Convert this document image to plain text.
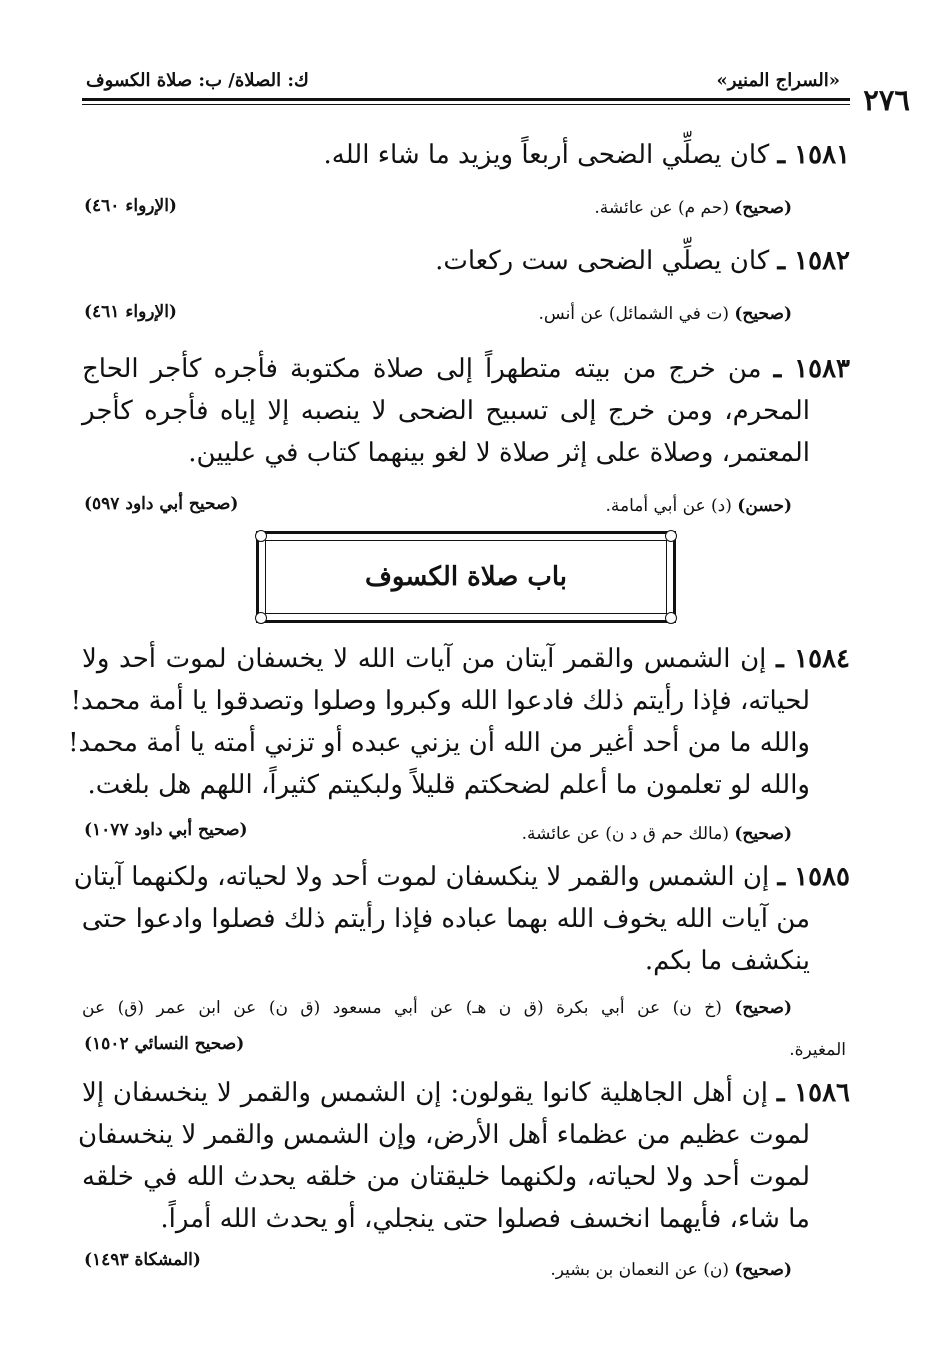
٢٧٦
«السراج المنير»
ك: الصلاة/ ب: صلاة الكسوف
١٥٨١ ـ كان يصلِّي الضحى أربعاً ويزيد ما شاء الله.
(صحيح) (حم م) عن عائشة.
(الإرواء ٤٦٠)
١٥٨٢ ـ كان يصلِّي الضحى ست ركعات.
(صحيح) (ت في الشمائل) عن أنس.
(الإرواء ٤٦١)
١٥٨٣ ـ من خرج من بيته متطهراً إلى صلاة مكتوبة فأجره كأجر الحاج
المحرم، ومن خرج إلى تسبيح الضحى لا ينصبه إلا إياه فأجره كأجر
المعتمر، وصلاة على إثر صلاة لا لغو بينهما كتاب في عليين.
(حسن) (د) عن أبي أمامة.
(صحيح أبي داود ٥٩٧)
باب صلاة الكسوف
١٥٨٤ ـ إن الشمس والقمر آيتان من آيات الله لا يخسفان لموت أحد ولا
لحياته، فإذا رأيتم ذلك فادعوا الله وكبروا وصلوا وتصدقوا يا أمة محمد!
والله ما من أحد أغير من الله أن يزني عبده أو تزني أمته يا أمة محمد!
والله لو تعلمون ما أعلم لضحكتم قليلاً ولبكيتم كثيراً، اللهم هل بلغت.
(صحيح) (مالك حم ق د ن) عن عائشة.
(صحيح أبي داود ١٠٧٧)
١٥٨٥ ـ إن الشمس والقمر لا ينكسفان لموت أحد ولا لحياته، ولكنهما آيتان
من آيات الله يخوف الله بهما عباده فإذا رأيتم ذلك فصلوا وادعوا حتى
ينكشف ما بكم.
(صحيح) (خ ن) عن أبي بكرة (ق ن هـ) عن أبي مسعود (ق ن) عن ابن عمر (ق) عن
المغيرة.
(صحيح النسائي ١٥٠٢)
١٥٨٦ ـ إن أهل الجاهلية كانوا يقولون: إن الشمس والقمر لا ينخسفان إلا
لموت عظيم من عظماء أهل الأرض، وإن الشمس والقمر لا ينخسفان
لموت أحد ولا لحياته، ولكنهما خليقتان من خلقه يحدث الله في خلقه
ما شاء، فأيهما انخسف فصلوا حتى ينجلي، أو يحدث الله أمراً.
(صحيح) (ن) عن النعمان بن بشير.
(المشكاة ١٤٩٣)
